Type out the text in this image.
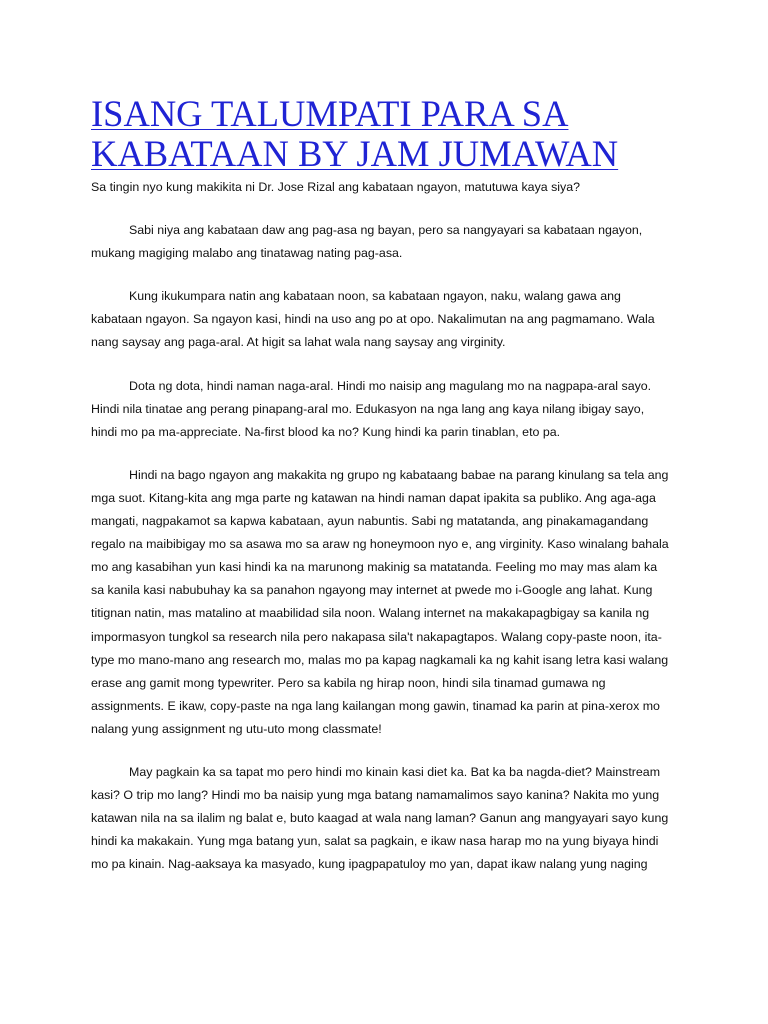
ISANG TALUMPATI PARA SA
KABATAAN BY JAM JUMAWAN
Sa tingin nyo kung makikita ni Dr. Jose Rizal ang kabataan ngayon, matutuwa kaya siya?
Sabi niya ang kabataan daw ang pag-asa ng bayan, pero sa nangyayari sa kabataan ngayon,
mukang magiging malabo ang tinatawag nating pag-asa.
Kung ikukumpara natin ang kabataan noon, sa kabataan ngayon, naku, walang gawa ang
kabataan ngayon. Sa ngayon kasi, hindi na uso ang po at opo. Nakalimutan na ang pagmamano. Wala
nang saysay ang paga-aral. At higit sa lahat wala nang saysay ang virginity.
Dota ng dota, hindi naman naga-aral. Hindi mo naisip ang magulang mo na nagpapa-aral sayo.
Hindi nila tinatae ang perang pinapang-aral mo. Edukasyon na nga lang ang kaya nilang ibigay sayo,
hindi mo pa ma-appreciate. Na-first blood ka no? Kung hindi ka parin tinablan, eto pa.
Hindi na bago ngayon ang makakita ng grupo ng kabataang babae na parang kinulang sa tela ang
mga suot. Kitang-kita ang mga parte ng katawan na hindi naman dapat ipakita sa publiko. Ang aga-aga
mangati, nagpakamot sa kapwa kabataan, ayun nabuntis. Sabi ng matatanda, ang pinakamagandang
regalo na maibibigay mo sa asawa mo sa araw ng honeymoon nyo e, ang virginity. Kaso winalang bahala
mo ang kasabihan yun kasi hindi ka na marunong makinig sa matatanda. Feeling mo may mas alam ka
sa kanila kasi nabubuhay ka sa panahon ngayong may internet at pwede mo i-Google ang lahat. Kung
titignan natin, mas matalino at maabilidad sila noon. Walang internet na makakapagbigay sa kanila ng
impormasyon tungkol sa research nila pero nakapasa sila't nakapagtapos. Walang copy-paste noon, ita-
type mo mano-mano ang research mo, malas mo pa kapag nagkamali ka ng kahit isang letra kasi walang
erase ang gamit mong typewriter. Pero sa kabila ng hirap noon, hindi sila tinamad gumawa ng
assignments. E ikaw, copy-paste na nga lang kailangan mong gawin, tinamad ka parin at pina-xerox mo
nalang yung assignment ng utu-uto mong classmate!
May pagkain ka sa tapat mo pero hindi mo kinain kasi diet ka. Bat ka ba nagda-diet? Mainstream
kasi? O trip mo lang? Hindi mo ba naisip yung mga batang namamalimos sayo kanina? Nakita mo yung
katawan nila na sa ilalim ng balat e, buto kaagad at wala nang laman? Ganun ang mangyayari sayo kung
hindi ka makakain. Yung mga batang yun, salat sa pagkain, e ikaw nasa harap mo na yung biyaya hindi
mo pa kinain. Nag-aaksaya ka masyado, kung ipagpapatuloy mo yan, dapat ikaw nalang yung naging
